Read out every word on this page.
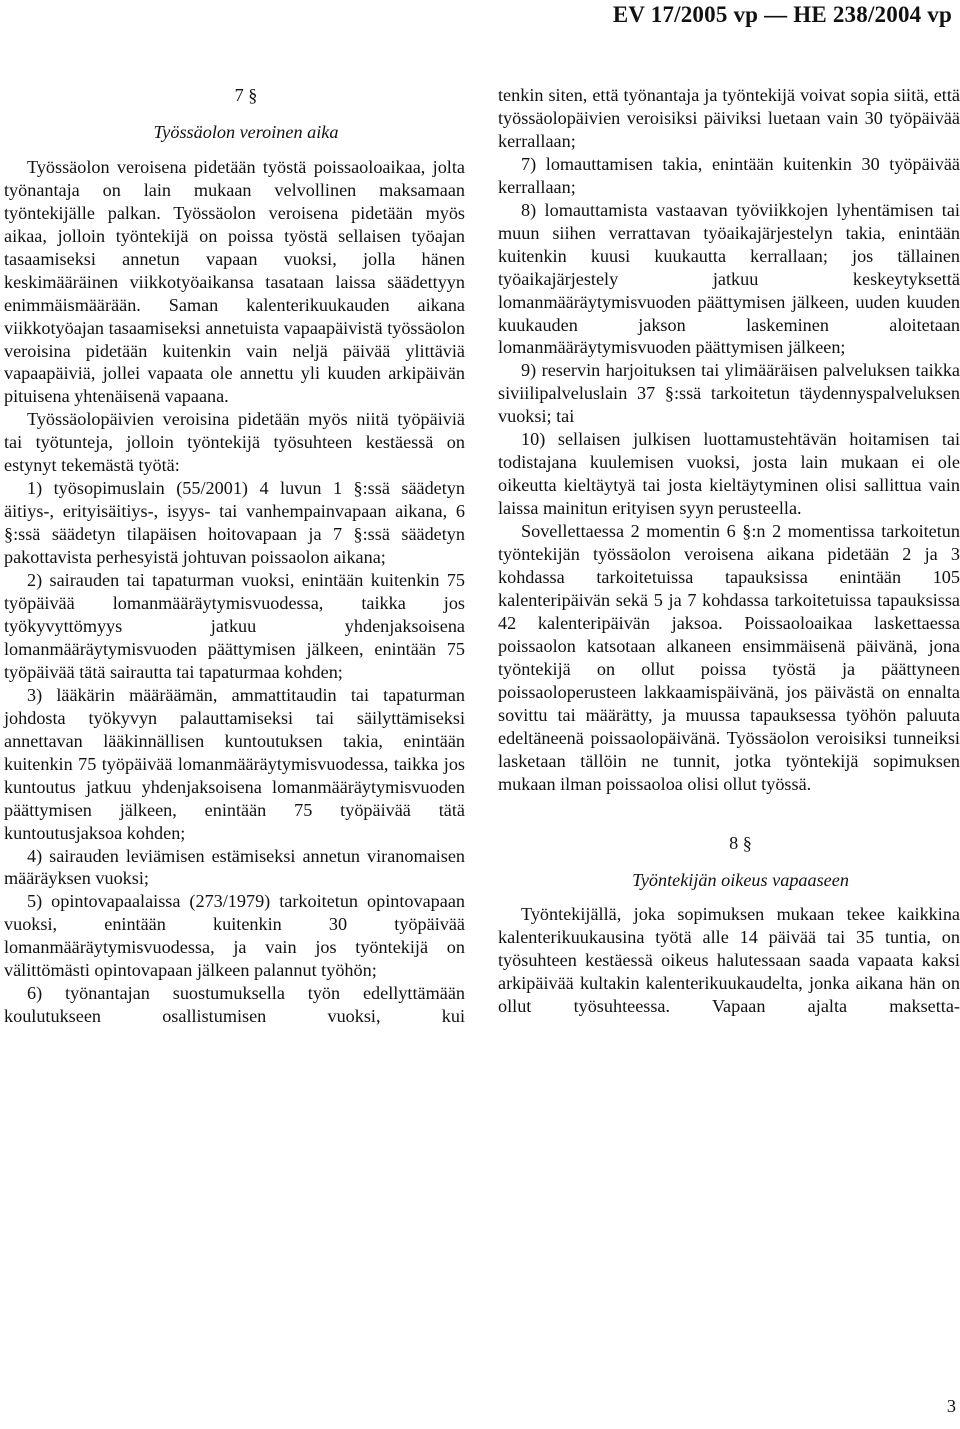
EV 17/2005 vp — HE 238/2004 vp

7 §

Työssäolon veroinen aika

Työssäolon veroisena pidetään työstä poissaoloaikaa, jolta työnantaja on lain mukaan velvollinen maksamaan työntekijälle palkan. Työssäolon veroisena pidetään myös aikaa, jolloin työntekijä on poissa työstä sellaisen työajan tasaamiseksi annetun vapaan vuoksi, jolla hänen keskimääräinen viikkotyöaikansa tasataan laissa säädettyyn enimmäismäärään. Saman kalenterikuukauden aikana viikkotyöajan tasaamiseksi annetuista vapaapäivistä työssäolon veroisina pidetään kuitenkin vain neljä päivää ylittäviä vapaapäiviä, jollei vapaata ole annettu yli kuuden arkipäivän pituisena yhtenäisenä vapaana.

Työssäolopäivien veroisina pidetään myös niitä työpäiviä tai työtunteja, jolloin työntekijä työsuhteen kestäessä on estynyt tekemästä työtä:

1) työsopimuslain (55/2001) 4 luvun 1 §:ssä säädetyn äitiys-, erityisäitiys-, isyys- tai vanhempainvapaan aikana, 6 §:ssä säädetyn tilapäisen hoitovapaan ja 7 §:ssä säädetyn pakottavista perhesyistä johtuvan poissaolon aikana;

2) sairauden tai tapaturman vuoksi, enintään kuitenkin 75 työpäivää lomanmääräytymisvuodessa, taikka jos työkyvyttömyys jatkuu yhdenjaksoisena lomanmääräytymisvuoden päättymisen jälkeen, enintään 75 työpäivää tätä sairautta tai tapaturmaa kohden;

3) lääkärin määräämän, ammattitaudin tai tapaturman johdosta työkyvyn palauttamiseksi tai säilyttämiseksi annettavan lääkinnällisen kuntoutuksen takia, enintään kuitenkin 75 työpäivää lomanmääräytymisvuodessa, taikka jos kuntoutus jatkuu yhdenjaksoisena lomanmääräytymisvuoden päättymisen jälkeen, enintään 75 työpäivää tätä kuntoutusjaksoa kohden;

4) sairauden leviämisen estämiseksi annetun viranomaisen määräyksen vuoksi;

5) opintovapaalaissa (273/1979) tarkoitetun opintovapaan vuoksi, enintään kuitenkin 30 työpäivää lomanmääräytymisvuodessa, ja vain jos työntekijä on välittömästi opintovapaan jälkeen palannut työhön;

6) työnantajan suostumuksella työn edellyttämään koulutukseen osallistumisen vuoksi, kui

tenkin siten, että työnantaja ja työntekijä voivat sopia siitä, että työssäolopäivien veroisiksi päiviksi luetaan vain 30 työpäivää kerrallaan;

7) lomauttamisen takia, enintään kuitenkin 30 työpäivää kerrallaan;

8) lomauttamista vastaavan työviikkojen lyhentämisen tai muun siihen verrattavan työaikajärjestelyn takia, enintään kuitenkin kuusi kuukautta kerrallaan; jos tällainen työaikajärjestely jatkuu keskeytyksettä lomanmääräytymisvuoden päättymisen jälkeen, uuden kuuden kuukauden jakson laskeminen aloitetaan lomanmääräytymisvuoden päättymisen jälkeen;

9) reservin harjoituksen tai ylimääräisen palveluksen taikka siviilipalveluslain 37 §:ssä tarkoitetun täydennyspalveluksen vuoksi; tai

10) sellaisen julkisen luottamustehtävän hoitamisen tai todistajana kuulemisen vuoksi, josta lain mukaan ei ole oikeutta kieltäytyä tai josta kieltäytyminen olisi sallittua vain laissa mainitun erityisen syyn perusteella.

Sovellettaessa 2 momentin 6 §:n 2 momentissa tarkoitetun työntekijän työssäolon veroisena aikana pidetään 2 ja 3 kohdassa tarkoitetuissa tapauksissa enintään 105 kalenteripäivän sekä 5 ja 7 kohdassa tarkoitetuissa tapauksissa 42 kalenteripäivän jaksoa. Poissaoloaikaa laskettaessa poissaolon katsotaan alkaneen ensimmäisenä päivänä, jona työntekijä on ollut poissa työstä ja päättyneen poissaoloperusteen lakkaamispäivänä, jos päivästä on ennalta sovittu tai määrätty, ja muussa tapauksessa työhön paluuta edeltäneenä poissaolopäivänä. Työssäolon veroisiksi tunneiksi lasketaan tällöin ne tunnit, jotka työntekijä sopimuksen mukaan ilman poissaoloa olisi ollut työssä.

8 §

Työntekijän oikeus vapaaseen

Työntekijällä, joka sopimuksen mukaan tekee kaikkina kalenterikuukausina työtä alle 14 päivää tai 35 tuntia, on työsuhteen kestäessä oikeus halutessaan saada vapaata kaksi arkipäivää kultakin kalenterikuukaudelta, jonka aikana hän on ollut työsuhteessa. Vapaan ajalta maksetta-

3
